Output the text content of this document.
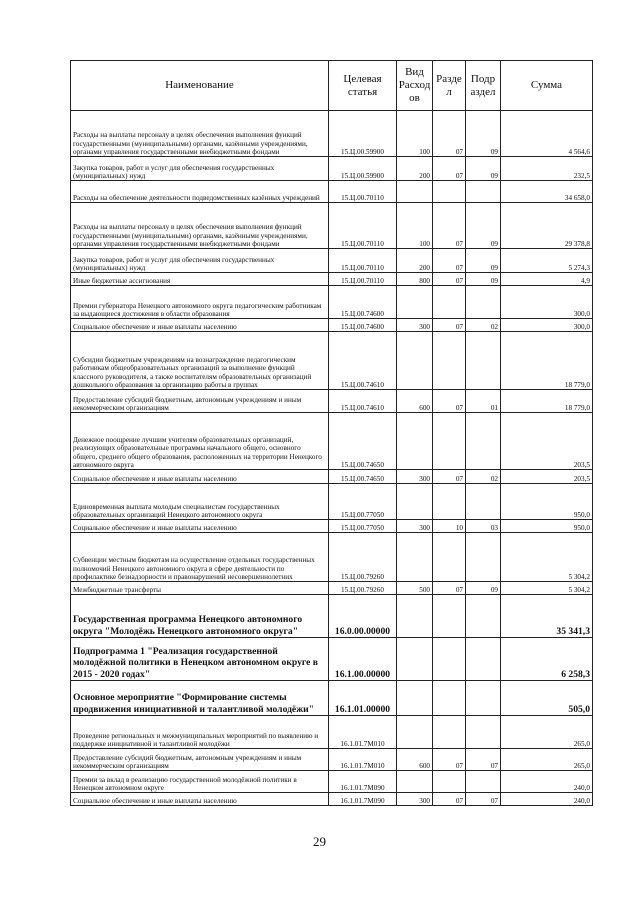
Наименование	Целевая статья	Вид Расход ов	Разде л	Подр аздел	Сумма
Расходы на выплаты персоналу в целях обеспечения выполнения функций государственными (муниципальными) органами, казёнными учреждениями, органами управления государственными внебюджетными фондами	15.Ц.00.59900	100	07	09	4 564,6
Закупка товаров, работ и услуг для обеспечения государственных (муниципальных) нужд	15.Ц.00.59900	200	07	09	232,5
Расходы на обеспечение деятельности подведомственных казённых учреждений	15.Ц.00.70110				34 658,0
Расходы на выплаты персоналу в целях обеспечения выполнения функций государственными (муниципальными) органами, казёнными учреждениями, органами управления государственными внебюджетными фондами	15.Ц.00.70110	100	07	09	29 378,8
Закупка товаров, работ и услуг для обеспечения государственных (муниципальных) нужд	15.Ц.00.70110	200	07	09	5 274,3
Иные бюджетные ассигнования	15.Ц.00.70110	800	07	09	4,9
Премии губернатора Ненецкого автономного округа педагогическим работникам за выдающиеся достижения в области образования	15.Ц.00.74600				300,0
Социальное обеспечение и иные выплаты населению	15.Ц.00.74600	300	07	02	300,0
Субсидии бюджетным учреждениям на вознаграждение педагогическим работникам общеобразовательных организаций за выполнение функций классного руководителя, а также воспитателям образовательных организаций дошкольного образования за организацию работы в группах	15.Ц.00.74610				18 779,0
Предоставление субсидий бюджетным, автономным учреждениям и иным некоммерческим организациям	15.Ц.00.74610	600	07	01	18 779,0
Денежное поощрение лучшим учителям образовательных организаций, реализующих образовательные программы начального общего, основного общего, среднего общего образования, расположенных на территории Ненецкого автономного округа	15.Ц.00.74650				203,5
Социальное обеспечение и иные выплаты населению	15.Ц.00.74650	300	07	02	203,5
Единовременная выплата молодым специалистам государственных образовательных организаций Ненецкого автономного округа	15.Ц.00.77050				950,0
Социальное обеспечение и иные выплаты населению	15.Ц.00.77050	300	10	03	950,0
Субвенции местным бюджетам на осуществление отдельных государственных полномочий Ненецкого автономного округа в сфере деятельности по профилактике безнадзорности и правонарушений несовершеннолетних	15.Ц.00.79260				5 304,2
Межбюджетные трансферты	15.Ц.00.79260	500	07	09	5 304,2
Государственная программа Ненецкого автономного округа "Молодёжь Ненецкого автономного округа"	16.0.00.00000				35 341,3
Подпрограмма 1 "Реализация государственной молодёжной политики в Ненецком автономном округе в 2015 - 2020 годах"	16.1.00.00000				6 258,3
Основное мероприятие "Формирование системы продвижения инициативной и талантливой молодёжи"	16.1.01.00000				505,0
Проведение региональных и межмуниципальных мероприятий по выявлению и поддержке инициативной и талантливой молодёжи	16.1.01.7М010				265,0
Предоставление субсидий бюджетным, автономным учреждениям и иным некоммерческим организациям	16.1.01.7М010	600	07	07	265,0
Премии за вклад в реализацию государственной молодёжной политики в Ненецком автономном округе	16.1.01.7М090				240,0
Социальное обеспечение и иные выплаты населению	16.1.01.7М090	300	07	07	240,0
29
